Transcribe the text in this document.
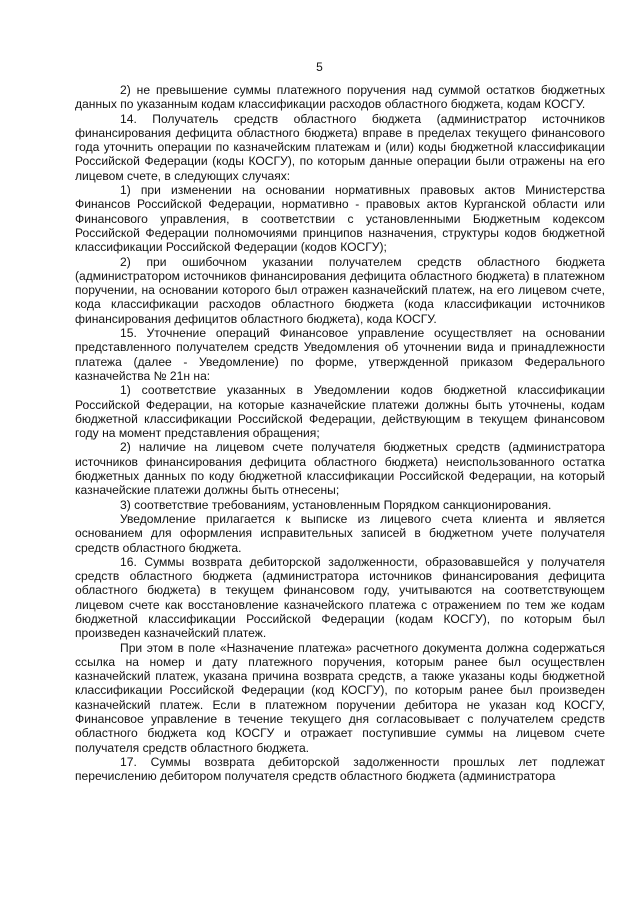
5

2) не превышение суммы платежного поручения над суммой остатков бюджетных данных по указанным кодам классификации расходов областного бюджета, кодам КОСГУ.

14. Получатель средств областного бюджета (администратор источников финансирования дефицита областного бюджета) вправе в пределах текущего финансового года уточнить операции по казначейским платежам и (или) коды бюджетной классификации Российской Федерации (коды КОСГУ), по которым данные операции были отражены на его лицевом счете, в следующих случаях:

1) при изменении на основании нормативных правовых актов Министерства Финансов Российской Федерации, нормативно - правовых актов Курганской области или Финансового управления, в соответствии с установленными Бюджетным кодексом Российской Федерации полномочиями принципов назначения, структуры кодов бюджетной классификации Российской Федерации (кодов КОСГУ);

2) при ошибочном указании получателем средств областного бюджета (администратором источников финансирования дефицита областного бюджета) в платежном поручении, на основании которого был отражен казначейский платеж, на его лицевом счете, кода классификации расходов областного бюджета (кода классификации источников финансирования дефицитов областного бюджета), кода КОСГУ.

15. Уточнение операций Финансовое управление осуществляет на основании представленного получателем средств Уведомления об уточнении вида и принадлежности платежа (далее - Уведомление) по форме, утвержденной приказом Федерального казначейства № 21н на:

1) соответствие указанных в Уведомлении кодов бюджетной классификации Российской Федерации, на которые казначейские платежи должны быть уточнены, кодам бюджетной классификации Российской Федерации, действующим в текущем финансовом году на момент представления обращения;

2) наличие на лицевом счете получателя бюджетных средств (администратора источников финансирования дефицита областного бюджета) неиспользованного остатка бюджетных данных по коду бюджетной классификации Российской Федерации, на который казначейские платежи должны быть отнесены;

3) соответствие требованиям, установленным Порядком санкционирования.

Уведомление прилагается к выписке из лицевого счета клиента и является основанием для оформления исправительных записей в бюджетном учете получателя средств областного бюджета.

16. Суммы возврата дебиторской задолженности, образовавшейся у получателя средств областного бюджета (администратора источников финансирования дефицита областного бюджета) в текущем финансовом году, учитываются на соответствующем лицевом счете как восстановление казначейского платежа с отражением по тем же кодам бюджетной классификации Российской Федерации (кодам КОСГУ), по которым был произведен казначейский платеж.

При этом в поле «Назначение платежа» расчетного документа должна содержаться ссылка на номер и дату платежного поручения, которым ранее был осуществлен казначейский платеж, указана причина возврата средств, а также указаны коды бюджетной классификации Российской Федерации (код КОСГУ), по которым ранее был произведен казначейский платеж. Если в платежном поручении дебитора не указан код КОСГУ, Финансовое управление в течение текущего дня согласовывает с получателем средств областного бюджета код КОСГУ и отражает поступившие суммы на лицевом счете получателя средств областного бюджета.

17. Суммы возврата дебиторской задолженности прошлых лет подлежат перечислению дебитором получателя средств областного бюджета (администратора
